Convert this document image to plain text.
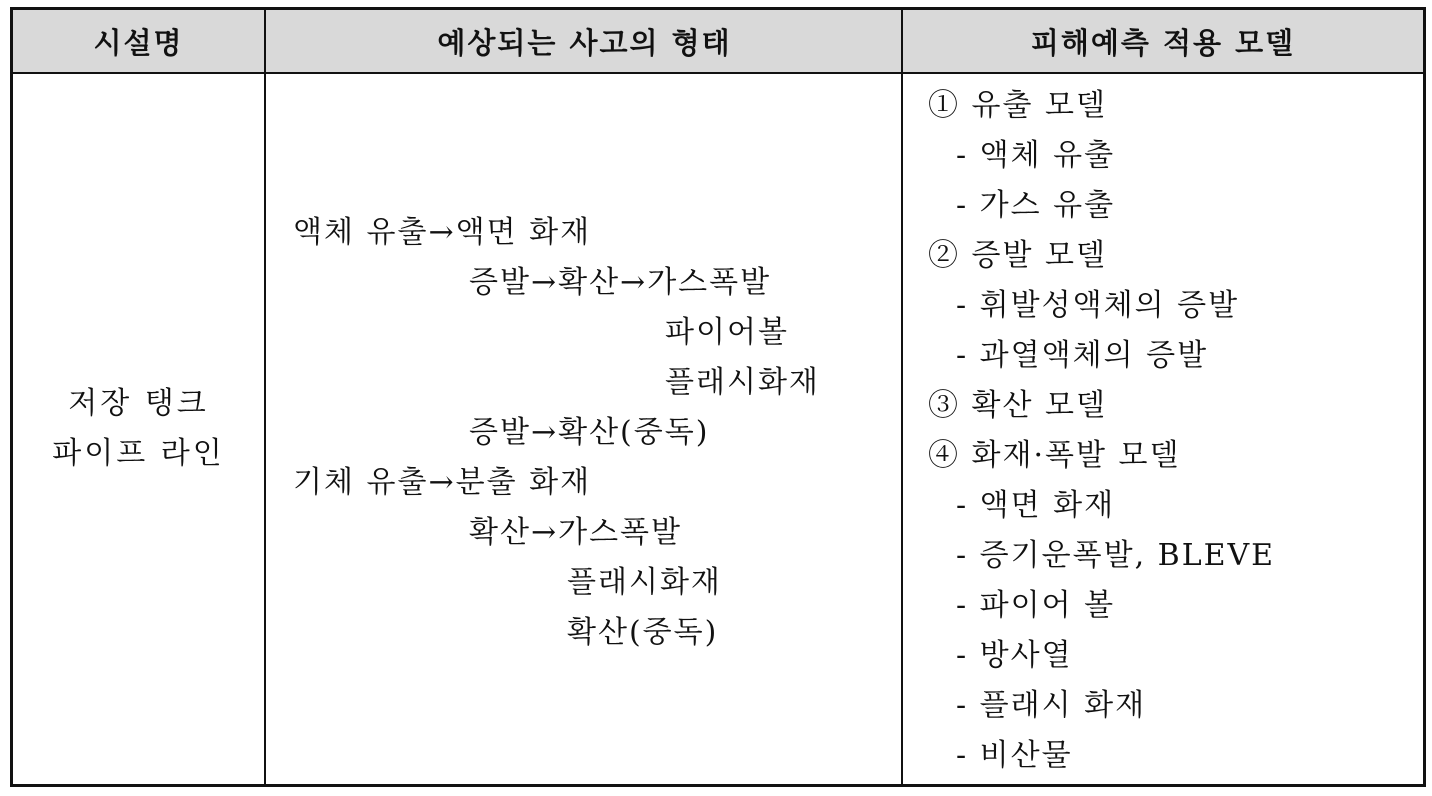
시설명	예상되는 사고의 형태	피해예측 적용 모델
저장 탱크
파이프 라인
액체 유출→액면 화재
증발→확산→가스폭발
파이어볼
플래시화재
증발→확산(중독)
기체 유출→분출 화재
확산→가스폭발
플래시화재
확산(중독)
① 유출 모델
- 액체 유출
- 가스 유출
② 증발 모델
- 휘발성액체의 증발
- 과열액체의 증발
③ 확산 모델
④ 화재·폭발 모델
- 액면 화재
- 증기운폭발, BLEVE
- 파이어 볼
- 방사열
- 플래시 화재
- 비산물
